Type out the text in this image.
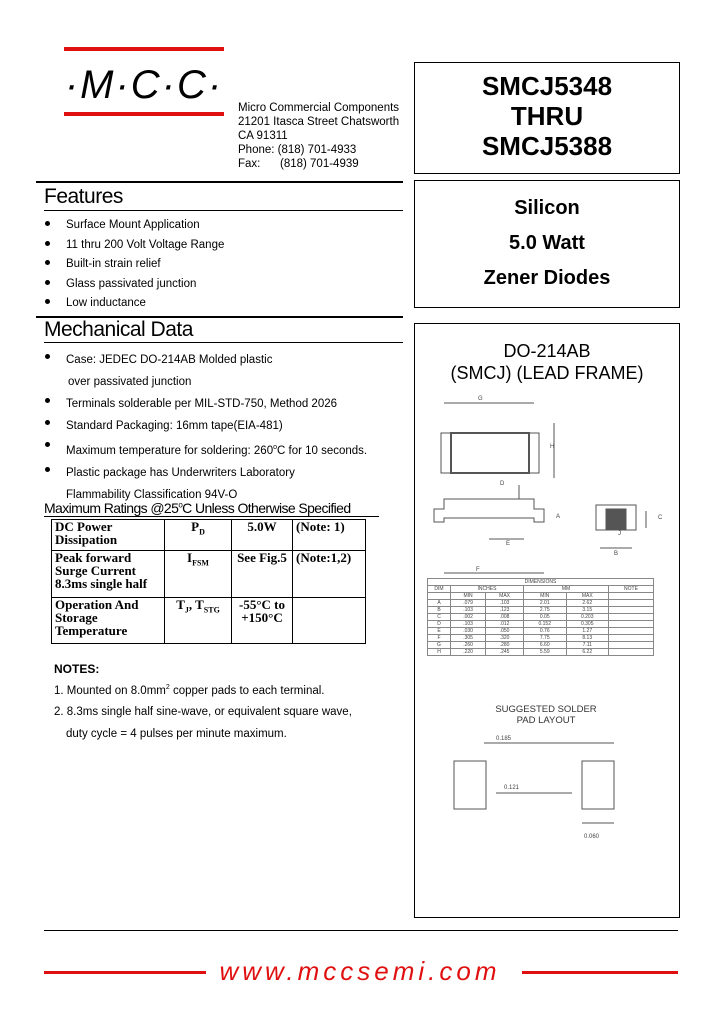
·M·C·C·
Micro Commercial Components
21201 Itasca Street Chatsworth
CA 91311
Phone: (818) 701-4933
Fax: (818) 701-4939
SMCJ5348
THRU
SMCJ5388
Silicon
5.0 Watt
Zener Diodes
Features
Surface Mount Application
11 thru 200 Volt Voltage Range
Built-in strain relief
Glass passivated junction
Low inductance
Mechanical Data
Case: JEDEC DO-214AB Molded plastic
over passivated junction
Terminals solderable per MIL-STD-750, Method 2026
Standard Packaging: 16mm tape(EIA-481)
Maximum temperature for soldering: 260$^o$C for 10 seconds.
Plastic package has Underwriters Laboratory
Flammability Classification 94V-O
Maximum Ratings @25$^o$C Unless Otherwise Specified
DC Power Dissipation	$P_D$	5.0W	(Note: 1)
Peak forward Surge Current 8.3ms single half	$I_{FSM}$	See Fig.5	(Note:1,2)
Operation And Storage Temperature	$T_J$, $T_{STG}$	-55°C to
+150°C	

NOTES:
1. Mounted on $8.0mm^2$ copper pads to each terminal.
2. 8.3ms single half sine-wave, or equivalent square wave,
duty cycle = 4 pulses per minute maximum.
DO-214AB
(SMCJ) (LEAD FRAME)
G
H
D
A
E
C
B
J
F
0.185
0.121
0.060
DIMENSIONS					
DIM	INCHES		MM		NOTE
	MIN	MAX	MIN	MAX	
A	.079	.103	2.01	2.62	
B	.103	.123	2.75	3.15	
C	.002	.008	0.05	0.203	
D	.103	.012	0.152	0.305	
E	.030	.050	0.76	1.27	
F	.305	.320	7.75	8.13	
G	.260	.280	6.60	7.11	
H	.220	.245	5.59	6.22	
SUGGESTED SOLDER
PAD LAYOUT
www.mccsemi.com
